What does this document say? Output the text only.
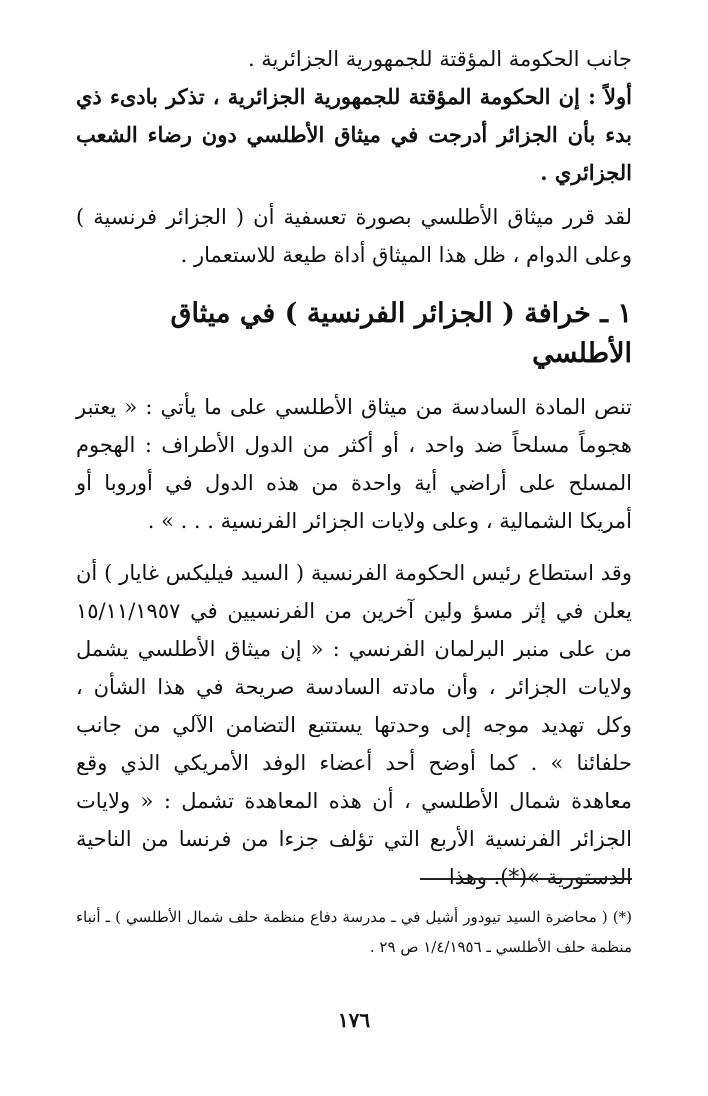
جانب الحكومة المؤقتة للجمهورية الجزائرية .

أولاً : إن الحكومة المؤقتة للجمهورية الجزائرية ، تذكر بادىء ذي بدء بأن الجزائر أدرجت في ميثاق الأطلسي دون رضاء الشعب الجزائري .

لقد قرر ميثاق الأطلسي بصورة تعسفية أن ( الجزائر فرنسية ) وعلى الدوام ، ظل هذا الميثاق أداة طيعة للاستعمار .

١ ـ خرافة ( الجزائر الفرنسية ) في ميثاق الأطلسي

تنص المادة السادسة من ميثاق الأطلسي على ما يأتي : « يعتبر هجوماً مسلحاً ضد واحد ، أو أكثر من الدول الأطراف : الهجوم المسلح على أراضي أية واحدة من هذه الدول في أوروبا أو أمريكا الشمالية ، وعلى ولايات الجزائر الفرنسية . . . » .

وقد استطاع رئيس الحكومة الفرنسية ( السيد فيليكس غايار ) أن يعلن في إثر مسؤ ولين آخرين من الفرنسيين في ١٥/١١/١٩٥٧ من على منبر البرلمان الفرنسي : « إن ميثاق الأطلسي يشمل ولايات الجزائر ، وأن مادته السادسة صريحة في هذا الشأن ، وكل تهديد موجه إلى وحدتها يستتبع التضامن الآلي من جانب حلفائنا » . كما أوضح أحد أعضاء الوفد الأمريكي الذي وقع معاهدة شمال الأطلسي ، أن هذه المعاهدة تشمل : « ولايات الجزائر الفرنسية الأربع التي تؤلف جزءا من فرنسا من الناحية الدستورية »(*). وهذا

(*) ( محاضرة السيد تيودور أشيل في ـ مدرسة دفاع منظمة حلف شمال الأطلسي ) ـ أنباء منظمة حلف الأطلسي ـ ١/٤/١٩٥٦ ص ٢٩ .

١٧٦
